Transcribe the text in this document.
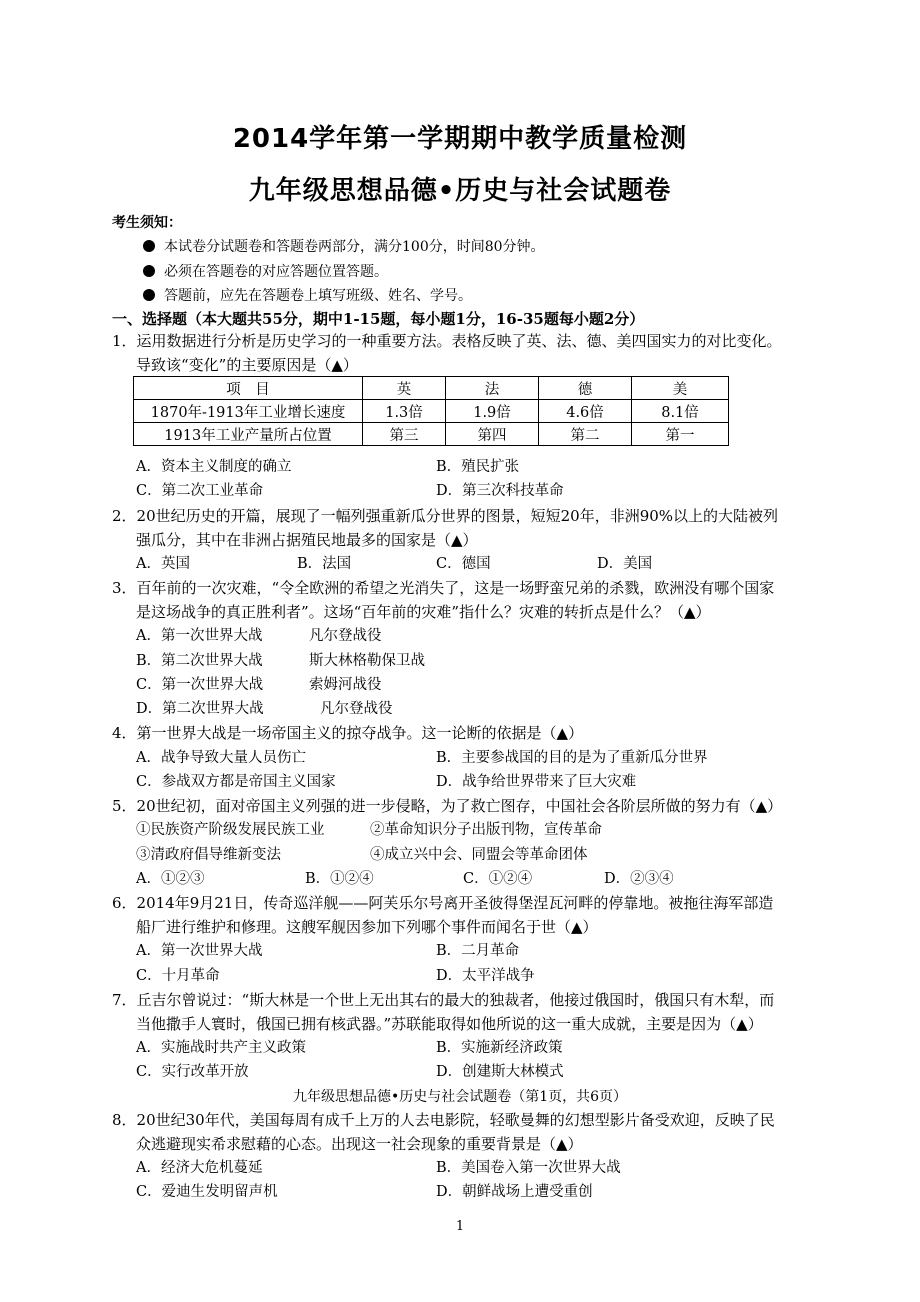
2014学年第一学期期中教学质量检测
九年级思想品德•历史与社会试题卷
考生须知：
本试卷分试题卷和答题卷两部分，满分100分，时间80分钟。
必须在答题卷的对应答题位置答题。
答题前，应先在答题卷上填写班级、姓名、学号。
一、选择题（本大题共55分，期中1-15题，每小题1分，16-35题每小题2分）
1．运用数据进行分析是历史学习的一种重要方法。表格反映了英、法、德、美四国实力的对比变化。
导致该“变化”的主要原因是（▲）
项　目	英	法	德	美
1870年-1913年工业增长速度	1.3倍	1.9倍	4.6倍	8.1倍
1913年工业产量所占位置	第三	第四	第二	第一
A．资本主义制度的确立	B．殖民扩张
C．第二次工业革命	D．第三次科技革命
2．20世纪历史的开篇，展现了一幅列强重新瓜分世界的图景，短短20年，非洲90%以上的大陆被列
强瓜分，其中在非洲占据殖民地最多的国家是（▲）
A．英国	B．法国	C．德国	D．美国
3．百年前的一次灾难，“令全欧洲的希望之光消失了，这是一场野蛮兄弟的杀戮，欧洲没有哪个国家
是这场战争的真正胜利者”。这场“百年前的灾难”指什么？灾难的转折点是什么？（▲）
A．第一次世界大战	凡尔登战役
B．第二次世界大战	斯大林格勒保卫战
C．第一次世界大战	索姆河战役
D．第二次世界大战	凡尔登战役
4．第一世界大战是一场帝国主义的掠夺战争。这一论断的依据是（▲）
A．战争导致大量人员伤亡	B．主要参战国的目的是为了重新瓜分世界
C．参战双方都是帝国主义国家	D．战争给世界带来了巨大灾难
5．20世纪初，面对帝国主义列强的进一步侵略，为了救亡图存，中国社会各阶层所做的努力有（▲）
①民族资产阶级发展民族工业	②革命知识分子出版刊物，宣传革命
③清政府倡导维新变法	④成立兴中会、同盟会等革命团体
A．①②③	B．①②④	C．①②④	D．②③④
6．2014年9月21日，传奇巡洋舰——阿芙乐尔号离开圣彼得堡涅瓦河畔的停靠地。被拖往海军部造
船厂进行维护和修理。这艘军舰因参加下列哪个事件而闻名于世（▲）
A．第一次世界大战	B．二月革命
C．十月革命	D．太平洋战争
7．丘吉尔曾说过：“斯大林是一个世上无出其右的最大的独裁者，他接过俄国时，俄国只有木犁，而
当他撒手人寰时，俄国已拥有核武器。”苏联能取得如他所说的这一重大成就，主要是因为（▲）
A．实施战时共产主义政策	B．实施新经济政策
C．实行改革开放	D．创建斯大林模式
九年级思想品德•历史与社会试题卷（第1页，共6页）
8．20世纪30年代，美国每周有成千上万的人去电影院，轻歌曼舞的幻想型影片备受欢迎，反映了民
众逃避现实希求慰藉的心态。出现这一社会现象的重要背景是（▲）
A．经济大危机蔓延	B．美国卷入第一次世界大战
C．爱迪生发明留声机	D．朝鲜战场上遭受重创
1
